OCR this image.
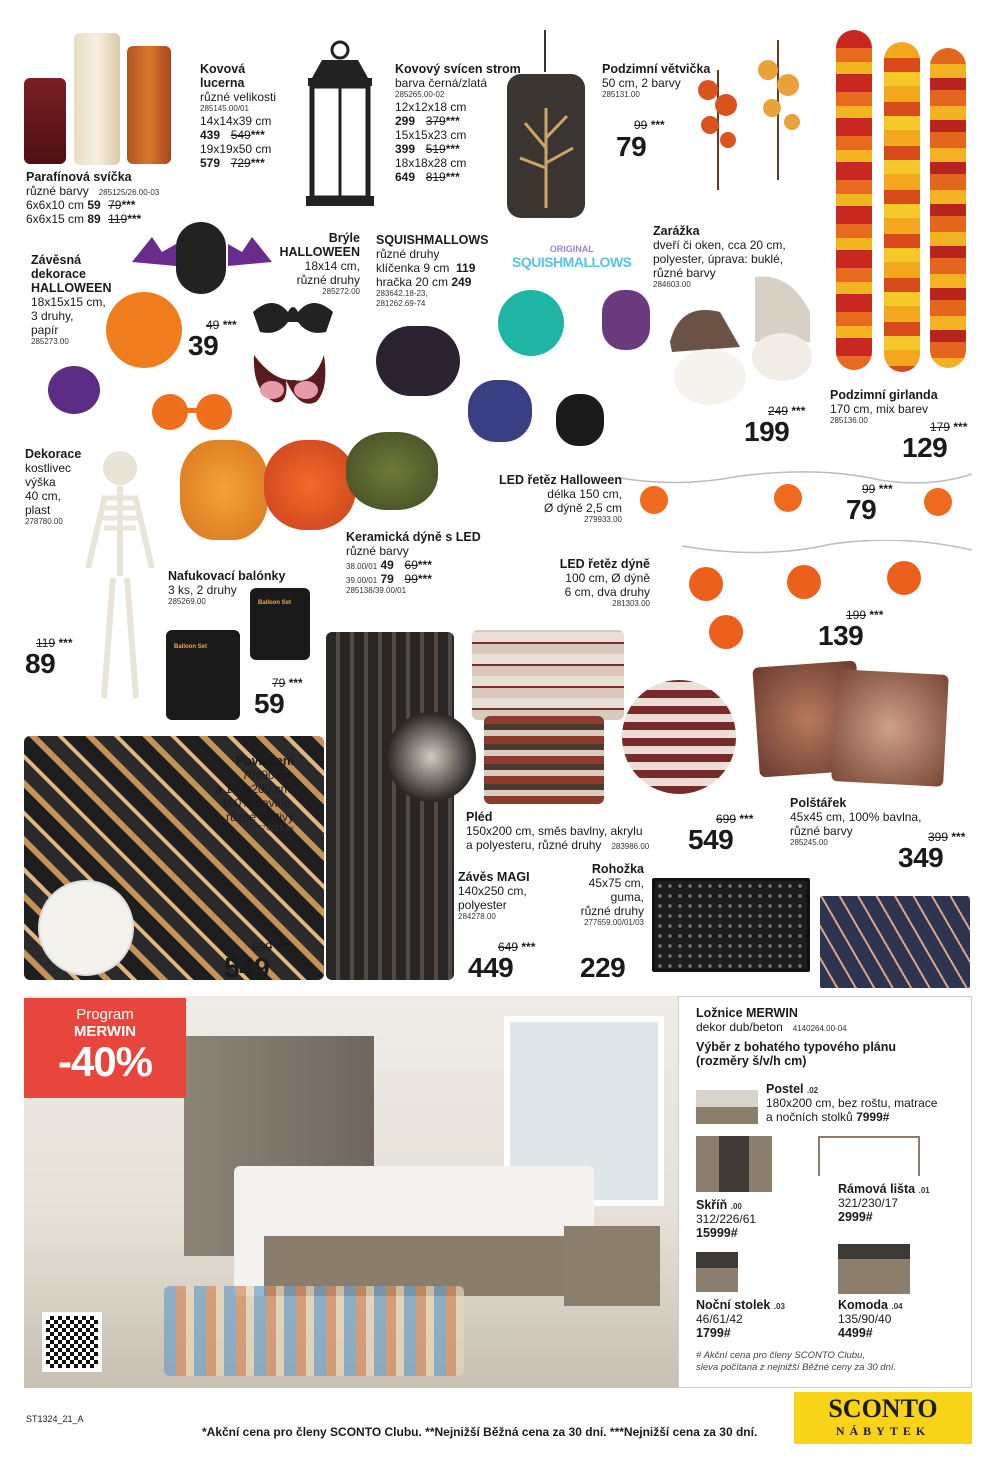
Parafínová svíčka
různé barvy 285125/26.00-03
6x6x10 cm 59 79***
6x6x15 cm 89 119***
Kovová
lucerna
různé velikosti
285145.00/01
14x14x39 cm
439 549***
19x19x50 cm
579 729***
Kovový svícen strom
barva černá/zlatá
285265.00-02
12x12x18 cm
299 379***
15x15x23 cm
399 519***
18x18x28 cm
649 819***
Podzimní větvička
50 cm, 2 barvy
285131.00
99 ***
79
Podzimní girlanda
170 cm, mix barev
285136.00	179 ***
129
Závěsná
dekorace
HALLOWEEN
18x15x15 cm,
3 druhy,
papír
285273.00
49 ***
39
Brýle
HALLOWEEN
18x14 cm,
různé druhy
285272.00
SQUISHMALLOWS
různé druhy
klíčenka 9 cm 119
hračka 20 cm 249
283642.18-23,
281262.69-74
ORIGINAL
SQUISHMALLOWS
Zarážka
dveří či oken, cca 20 cm,
polyester, úprava: buklé,
různé barvy
284603.00
249 ***
199
Dekorace
kostlivec
výška
40 cm,
plast
278780.00
119 ***
89
Nafukovací balónky
3 ks, 2 druhy
285269.00	Balloon Set
Balloon Set
79 ***
59
Keramická dýně s LED
různé barvy
38.00/01 49 69***
39.00/01 79 99***
285138/39.00/01
LED řetěz Halloween
délka 150 cm,
Ø dýně 2,5 cm
279933.00
99 ***
79
LED řetěz dýně
100 cm, Ø dýně
6 cm, dva druhy
281303.00
199 ***
139
Povlečení
70x90 cm
a 140x200 cm,
100% bavlna,
různé motivy
274015.xx
699 ***
549
Závěs MAGI
140x250 cm,
polyester
284278.00
649 ***
449
Pléd
150x200 cm, směs bavlny, akrylu
a polyesteru, různé druhy 283986.00
699 ***
549
Rohožka
45x75 cm,
guma,
různé druhy
277659.00/01/03
229
Polštářek
45x45 cm, 100% bavlna,
různé barvy
285245.00	399 ***
349
Program
MERWIN
-40%
Ložnice MERWIN
dekor dub/beton 4140264.00-04
Výběr z bohatého typového plánu
(rozměry š/v/h cm)
Postel .02
180x200 cm, bez roštu, matrace
a nočních stolků 7999#
Skříň .00
312/226/61
15999#
Rámová lišta .01
321/230/17
2999#
Noční stolek .03
46/61/42
1799#
Komoda .04
135/90/40
4499#
# Akční cena pro členy SCONTO Clubu,
sleva počítaná z nejnižší Běžné ceny za 30 dní.
ST1324_21_A
*Akční cena pro členy SCONTO Clubu. **Nejnižší Běžná cena za 30 dní. ***Nejnižší cena za 30 dní.
SCONTO
NÁBYTEK
